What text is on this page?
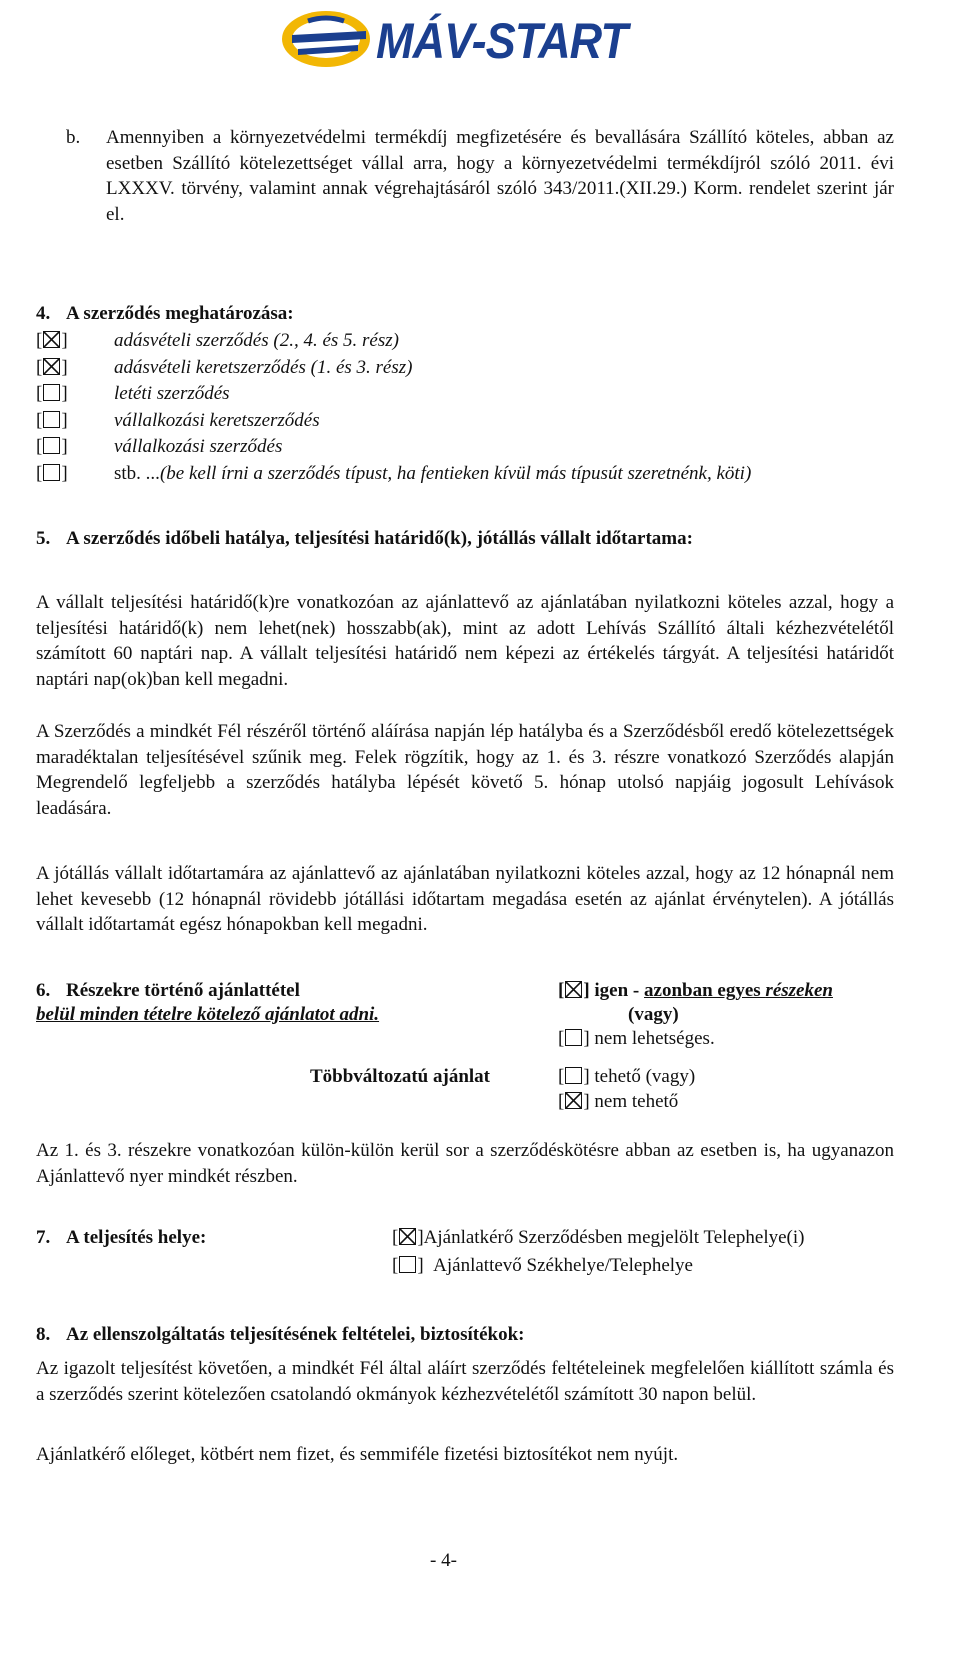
MÁV-START
b. Amennyiben a környezetvédelmi termékdíj megfizetésére és bevallására Szállító köteles, abban az esetben Szállító kötelezettséget vállal arra, hogy a környezetvédelmi termékdíjról szóló 2011. évi LXXXV. törvény, valamint annak végrehajtásáról szóló 343/2011.(XII.29.) Korm. rendelet szerint jár el.
4. A szerződés meghatározása:
[ ] adásvételi szerződés (2., 4. és 5. rész)
[ ] adásvételi keretszerződés (1. és 3. rész)
[ ] letéti szerződés
[ ] vállalkozási keretszerződés
[ ] vállalkozási szerződés
[ ] stb. ...(be kell írni a szerződés típust, ha fentieken kívül más típusút szeretnénk, köti)
5. A szerződés időbeli hatálya, teljesítési határidő(k), jótállás vállalt időtartama:
A vállalt teljesítési határidő(k)re vonatkozóan az ajánlattevő az ajánlatában nyilatkozni köteles azzal, hogy a teljesítési határidő(k) nem lehet(nek) hosszabb(ak), mint az adott Lehívás Szállító általi kézhezvételétől számított 60 naptári nap. A vállalt teljesítési határidő nem képezi az értékelés tárgyát. A teljesítési határidőt naptári nap(ok)ban kell megadni.
A Szerződés a mindkét Fél részéről történő aláírása napján lép hatályba és a Szerződésből eredő kötelezettségek maradéktalan teljesítésével szűnik meg. Felek rögzítik, hogy az 1. és 3. részre vonatkozó Szerződés alapján Megrendelő legfeljebb a szerződés hatályba lépését követő 5. hónap utolsó napjáig jogosult Lehívások leadására.
A jótállás vállalt időtartamára az ajánlattevő az ajánlatában nyilatkozni köteles azzal, hogy az 12 hónapnál nem lehet kevesebb (12 hónapnál rövidebb jótállási időtartam megadása esetén az ajánlat érvénytelen). A jótállás vállalt időtartamát egész hónapokban kell megadni.
6. Részekre történő ajánlattétel
belül minden tételre kötelező ajánlatot adni.
[ ] igen - azonban egyes részeken
(vagy)
[ ] nem lehetséges.
Többváltozatú ajánlat	[ ] tehető (vagy)
[ ] nem tehető
Az 1. és 3. részekre vonatkozóan külön-külön kerül sor a szerződéskötésre abban az esetben is, ha ugyanazon Ajánlattevő nyer mindkét részben.
7. A teljesítés helye:	[ ]Ajánlatkérő Szerződésben megjelölt Telephelye(i)
[ ] Ajánlattevő Székhelye/Telephelye
8. Az ellenszolgáltatás teljesítésének feltételei, biztosítékok:
Az igazolt teljesítést követően, a mindkét Fél által aláírt szerződés feltételeinek megfelelően kiállított számla és a szerződés szerint kötelezően csatolandó okmányok kézhezvételétől számított 30 napon belül.
Ajánlatkérő előleget, kötbért nem fizet, és semmiféle fizetési biztosítékot nem nyújt.
- 4-
